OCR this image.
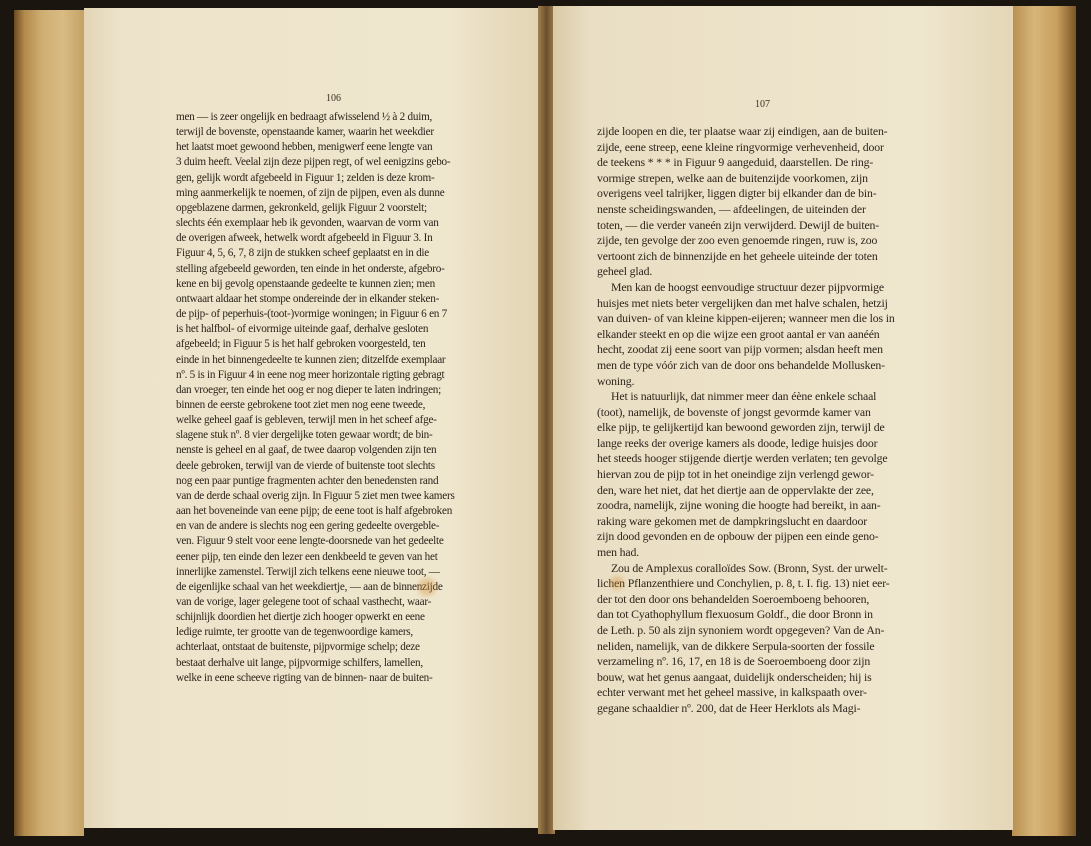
106
men — is zeer ongelijk en bedraagt afwisselend ½ à 2 duim,
terwijl de bovenste, openstaande kamer, waarin het weekdier
het laatst moet gewoond hebben, menigwerf eene lengte van
3 duim heeft. Veelal zijn deze pijpen regt, of wel eenigzins gebo-
gen, gelijk wordt afgebeeld in Figuur 1; zelden is deze krom-
ming aanmerkelijk te noemen, of zijn de pijpen, even als dunne
opgeblazene darmen, gekronkeld, gelijk Figuur 2 voorstelt;
slechts één exemplaar heb ik gevonden, waarvan de vorm van
de overigen afweek, hetwelk wordt afgebeeld in Figuur 3. In
Figuur 4, 5, 6, 7, 8 zijn de stukken scheef geplaatst en in die
stelling afgebeeld geworden, ten einde in het onderste, afgebro-
kene en bij gevolg openstaande gedeelte te kunnen zien; men
ontwaart aldaar het stompe ondereinde der in elkander steken-
de pijp- of peperhuis-(toot-)vormige woningen; in Figuur 6 en 7
is het halfbol- of eivormige uiteinde gaaf, derhalve gesloten
afgebeeld; in Figuur 5 is het half gebroken voorgesteld, ten
einde in het binnengedeelte te kunnen zien; ditzelfde exemplaar
nº. 5 is in Figuur 4 in eene nog meer horizontale rigting gebragt
dan vroeger, ten einde het oog er nog dieper te laten indringen;
binnen de eerste gebrokene toot ziet men nog eene tweede,
welke geheel gaaf is gebleven, terwijl men in het scheef afge-
slagene stuk nº. 8 vier dergelijke toten gewaar wordt; de bin-
nenste is geheel en al gaaf, de twee daarop volgenden zijn ten
deele gebroken, terwijl van de vierde of buitenste toot slechts
nog een paar puntige fragmenten achter den benedensten rand
van de derde schaal overig zijn. In Figuur 5 ziet men twee kamers
aan het boveneinde van eene pijp; de eene toot is half afgebroken
en van de andere is slechts nog een gering gedeelte overgeble-
ven. Figuur 9 stelt voor eene lengte-doorsnede van het gedeelte
eener pijp, ten einde den lezer een denkbeeld te geven van het
innerlijke zamenstel. Terwijl zich telkens eene nieuwe toot, —
de eigenlijke schaal van het weekdiertje, — aan de binnenzijde
van de vorige, lager gelegene toot of schaal vasthecht, waar-
schijnlijk doordien het diertje zich hooger opwerkt en eene
ledige ruimte, ter grootte van de tegenwoordige kamers,
achterlaat, ontstaat de buitenste, pijpvormige schelp; deze
bestaat derhalve uit lange, pijpvormige schilfers, lamellen,
welke in eene scheeve rigting van de binnen- naar de buiten-
107
zijde loopen en die, ter plaatse waar zij eindigen, aan de buiten-
zijde, eene streep, eene kleine ringvormige verhevenheid, door
de teekens * * * in Figuur 9 aangeduid, daarstellen. De ring-
vormige strepen, welke aan de buitenzijde voorkomen, zijn
overigens veel talrijker, liggen digter bij elkander dan de bin-
nenste scheidingswanden, — afdeelingen, de uiteinden der
toten, — die verder vaneén zijn verwijderd. Dewijl de buiten-
zijde, ten gevolge der zoo even genoemde ringen, ruw is, zoo
vertoont zich de binnenzijde en het geheele uiteinde der toten
geheel glad.
Men kan de hoogst eenvoudige structuur dezer pijpvormige
huisjes met niets beter vergelijken dan met halve schalen, hetzij
van duiven- of van kleine kippen-eijeren; wanneer men die los in
elkander steekt en op die wijze een groot aantal er van aanéén
hecht, zoodat zij eene soort van pijp vormen; alsdan heeft men
men de type vóór zich van de door ons behandelde Mollusken-
woning.
Het is natuurlijk, dat nimmer meer dan éène enkele schaal
(toot), namelijk, de bovenste of jongst gevormde kamer van
elke pijp, te gelijkertijd kan bewoond geworden zijn, terwijl de
lange reeks der overige kamers als doode, ledige huisjes door
het steeds hooger stijgende diertje werden verlaten; ten gevolge
hiervan zou de pijp tot in het oneindige zijn verlengd gewor-
den, ware het niet, dat het diertje aan de oppervlakte der zee,
zoodra, namelijk, zijne woning die hoogte had bereikt, in aan-
raking ware gekomen met de dampkringslucht en daardoor
zijn dood gevonden en de opbouw der pijpen een einde geno-
men had.
Zou de Amplexus coralloïdes Sow. (Bronn, Syst. der urwelt-
lichen Pflanzenthiere und Conchylien, p. 8, t. I. fig. 13) niet eer-
der tot den door ons behandelden Soeroemboeng behooren,
dan tot Cyathophyllum flexuosum Goldf., die door Bronn in
de Leth. p. 50 als zijn synoniem wordt opgegeven? Van de An-
neliden, namelijk, van de dikkere Serpula-soorten der fossile
verzameling nº. 16, 17, en 18 is de Soeroemboeng door zijn
bouw, wat het genus aangaat, duidelijk onderscheiden; hij is
echter verwant met het geheel massive, in kalkspaath over-
gegane schaaldier nº. 200, dat de Heer Herklots als Magi-
